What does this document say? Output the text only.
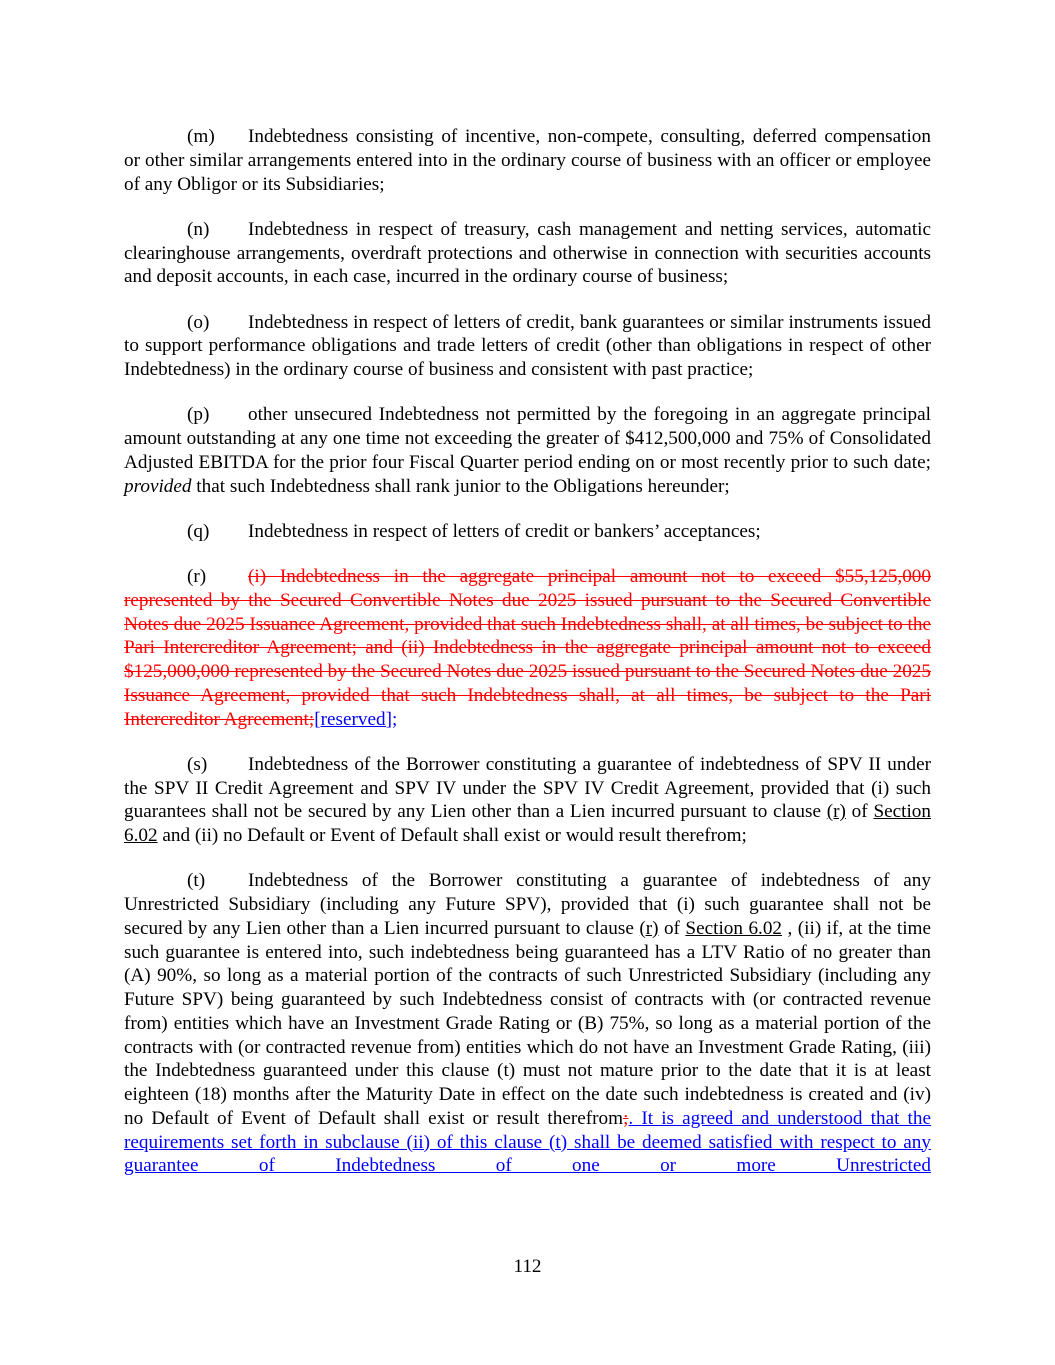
(m) Indebtedness consisting of incentive, non-compete, consulting, deferred compensation or other similar arrangements entered into in the ordinary course of business with an officer or employee of any Obligor or its Subsidiaries;

(n) Indebtedness in respect of treasury, cash management and netting services, automatic clearinghouse arrangements, overdraft protections and otherwise in connection with securities accounts and deposit accounts, in each case, incurred in the ordinary course of business;

(o) Indebtedness in respect of letters of credit, bank guarantees or similar instruments issued to support performance obligations and trade letters of credit (other than obligations in respect of other Indebtedness) in the ordinary course of business and consistent with past practice;

(p) other unsecured Indebtedness not permitted by the foregoing in an aggregate principal amount outstanding at any one time not exceeding the greater of $412,500,000 and 75% of Consolidated Adjusted EBITDA for the prior four Fiscal Quarter period ending on or most recently prior to such date; provided that such Indebtedness shall rank junior to the Obligations hereunder;

(q) Indebtedness in respect of letters of credit or bankers’ acceptances;

(r) (i) Indebtedness in the aggregate principal amount not to exceed $55,125,000 represented by the Secured Convertible Notes due 2025 issued pursuant to the Secured Convertible Notes due 2025 Issuance Agreement, provided that such Indebtedness shall, at all times, be subject to the Pari Intercreditor Agreement; and (ii) Indebtedness in the aggregate principal amount not to exceed $125,000,000 represented by the Secured Notes due 2025 issued pursuant to the Secured Notes due 2025 Issuance Agreement, provided that such Indebtedness shall, at all times, be subject to the Pari Intercreditor Agreement;[reserved];

(s) Indebtedness of the Borrower constituting a guarantee of indebtedness of SPV II under the SPV II Credit Agreement and SPV IV under the SPV IV Credit Agreement, provided that (i) such guarantees shall not be secured by any Lien other than a Lien incurred pursuant to clause (r) of Section 6.02 and (ii) no Default or Event of Default shall exist or would result therefrom;

(t) Indebtedness of the Borrower constituting a guarantee of indebtedness of any Unrestricted Subsidiary (including any Future SPV), provided that (i) such guarantee shall not be secured by any Lien other than a Lien incurred pursuant to clause (r) of Section 6.02 , (ii) if, at the time such guarantee is entered into, such indebtedness being guaranteed has a LTV Ratio of no greater than (A) 90%, so long as a material portion of the contracts of such Unrestricted Subsidiary (including any Future SPV) being guaranteed by such Indebtedness consist of contracts with (or contracted revenue from) entities which have an Investment Grade Rating or (B) 75%, so long as a material portion of the contracts with (or contracted revenue from) entities which do not have an Investment Grade Rating, (iii) the Indebtedness guaranteed under this clause (t) must not mature prior to the date that it is at least eighteen (18) months after the Maturity Date in effect on the date such indebtedness is created and (iv) no Default of Event of Default shall exist or result therefrom;. It is agreed and understood that the requirements set forth in subclause (ii) of this clause (t) shall be deemed satisfied with respect to any guarantee of Indebtedness of one or more Unrestricted

112
